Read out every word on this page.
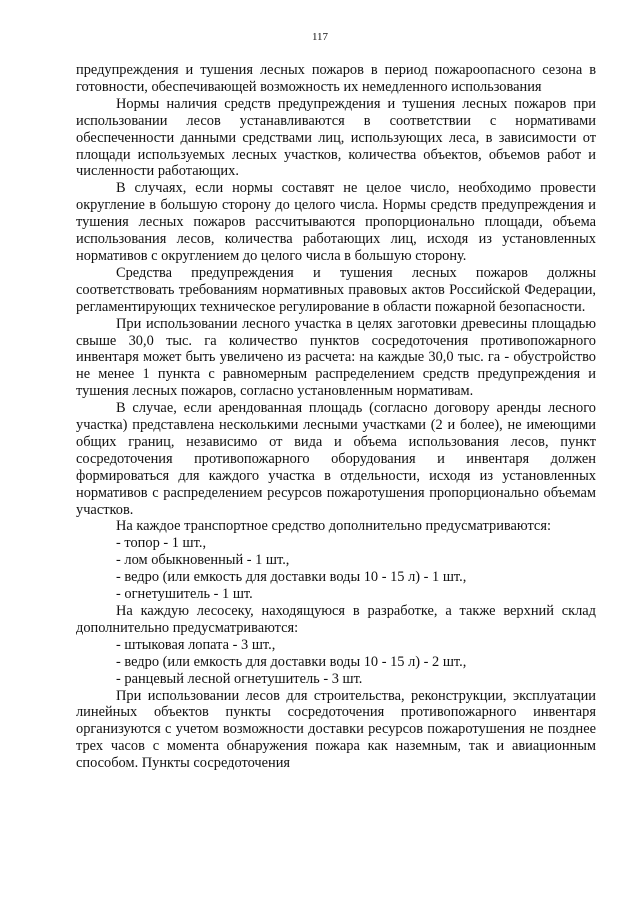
117

предупреждения и тушения лесных пожаров в период пожароопасного сезона в готовности, обеспечивающей возможность их немедленного использования

Нормы наличия средств предупреждения и тушения лесных пожаров при использовании лесов устанавливаются в соответствии с нормативами обеспеченности данными средствами лиц, использующих леса, в зависимости от площади используемых лесных участков, количества объектов, объемов работ и численности работающих.

В случаях, если нормы составят не целое число, необходимо провести округление в большую сторону до целого числа. Нормы средств предупреждения и тушения лесных пожаров рассчитываются пропорционально площади, объема использования лесов, количества работающих лиц, исходя из установленных нормативов с округлением до целого числа в большую сторону.

Средства предупреждения и тушения лесных пожаров должны соответствовать требованиям нормативных правовых актов Российской Федерации, регламентирующих техническое регулирование в области пожарной безопасности.

При использовании лесного участка в целях заготовки древесины площадью свыше 30,0 тыс. га количество пунктов сосредоточения противопожарного инвентаря может быть увеличено из расчета: на каждые 30,0 тыс. га - обустройство не менее 1 пункта с равномерным распределением средств предупреждения и тушения лесных пожаров, согласно установленным нормативам.

В случае, если арендованная площадь (согласно договору аренды лесного участка) представлена несколькими лесными участками (2 и более), не имеющими общих границ, независимо от вида и объема использования лесов, пункт сосредоточения противопожарного оборудования и инвентаря должен формироваться для каждого участка в отдельности, исходя из установленных нормативов с распределением ресурсов пожаротушения пропорционально объемам участков.

На каждое транспортное средство дополнительно предусматриваются:

- топор - 1 шт.,

- лом обыкновенный - 1 шт.,

- ведро (или емкость для доставки воды 10 - 15 л) - 1 шт.,

- огнетушитель - 1 шт.

На каждую лесосеку, находящуюся в разработке, а также верхний склад дополнительно предусматриваются:

- штыковая лопата - 3 шт.,

- ведро (или емкость для доставки воды 10 - 15 л) - 2 шт.,

- ранцевый лесной огнетушитель - 3 шт.

При использовании лесов для строительства, реконструкции, эксплуатации линейных объектов пункты сосредоточения противопожарного инвентаря организуются с учетом возможности доставки ресурсов пожаротушения не позднее трех часов с момента обнаружения пожара как наземным, так и авиационным способом. Пункты сосредоточения
